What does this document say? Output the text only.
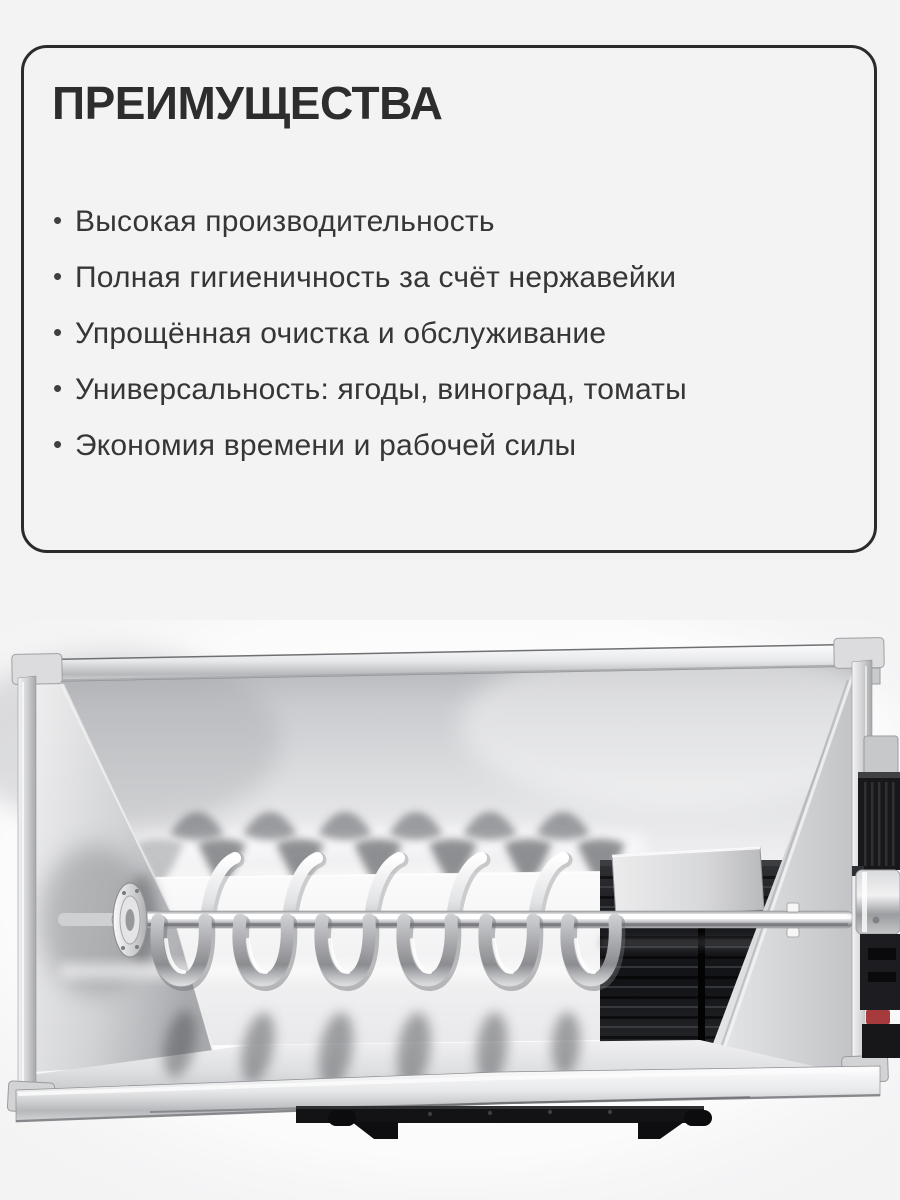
ПРЕИМУЩЕСТВА
• Высокая производительность
• Полная гигиеничность за счёт нержавейки
• Упрощённая очистка и обслуживание
• Универсальность: ягоды, виноград, томаты
• Экономия времени и рабочей силы
